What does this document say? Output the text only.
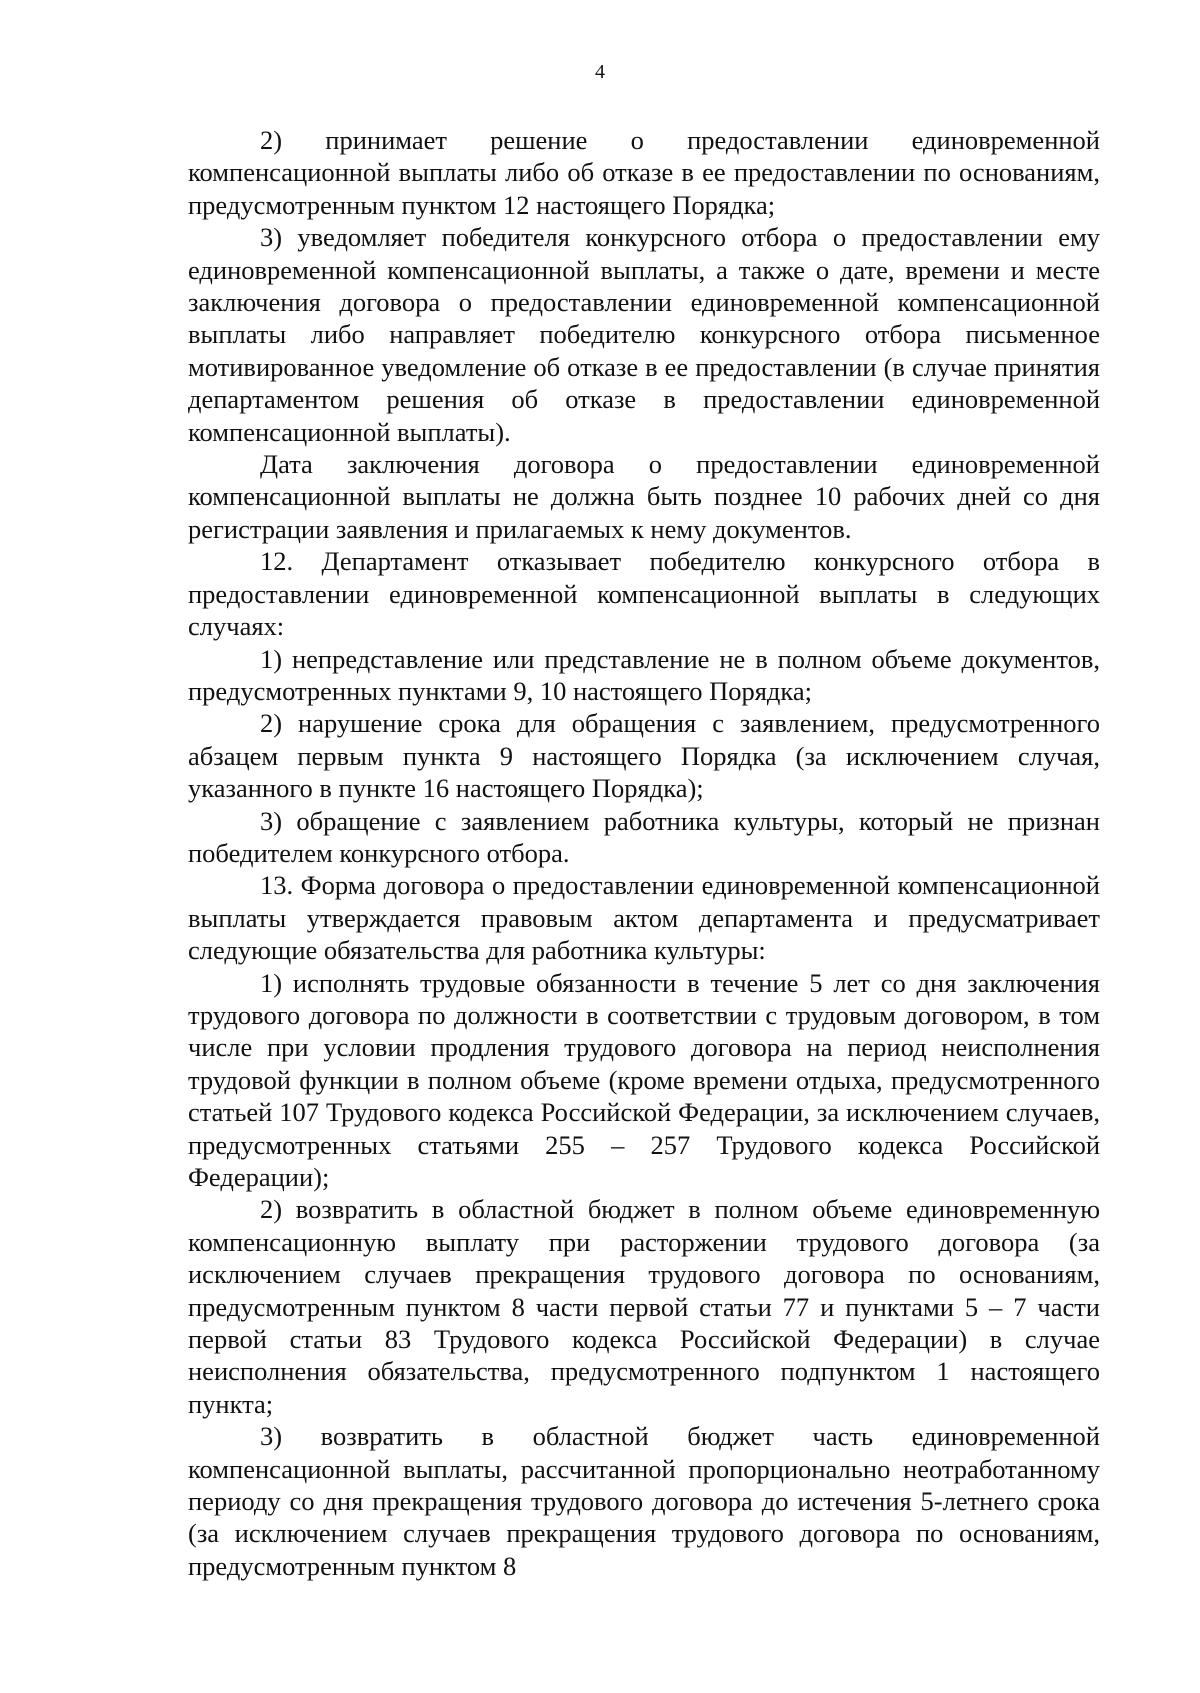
4

2) принимает решение о предоставлении единовременной компенсационной выплаты либо об отказе в ее предоставлении по основаниям, предусмотренным пунктом 12 настоящего Порядка;

3) уведомляет победителя конкурсного отбора о предоставлении ему единовременной компенсационной выплаты, а также о дате, времени и месте заключения договора о предоставлении единовременной компенсационной выплаты либо направляет победителю конкурсного отбора письменное мотивированное уведомление об отказе в ее предоставлении (в случае принятия департаментом решения об отказе в предоставлении единовременной компенсационной выплаты).

Дата заключения договора о предоставлении единовременной компенсационной выплаты не должна быть позднее 10 рабочих дней со дня регистрации заявления и прилагаемых к нему документов.

12. Департамент отказывает победителю конкурсного отбора в предоставлении единовременной компенсационной выплаты в следующих случаях:

1) непредставление или представление не в полном объеме документов, предусмотренных пунктами 9, 10 настоящего Порядка;

2) нарушение срока для обращения с заявлением, предусмотренного абзацем первым пункта 9 настоящего Порядка (за исключением случая, указанного в пункте 16 настоящего Порядка);

3) обращение с заявлением работника культуры, который не признан победителем конкурсного отбора.

13. Форма договора о предоставлении единовременной компенсационной выплаты утверждается правовым актом департамента и предусматривает следующие обязательства для работника культуры:

1) исполнять трудовые обязанности в течение 5 лет со дня заключения трудового договора по должности в соответствии с трудовым договором, в том числе при условии продления трудового договора на период неисполнения трудовой функции в полном объеме (кроме времени отдыха, предусмотренного статьей 107 Трудового кодекса Российской Федерации, за исключением случаев, предусмотренных статьями 255 – 257 Трудового кодекса Российской Федерации);

2) возвратить в областной бюджет в полном объеме единовременную компенсационную выплату при расторжении трудового договора (за исключением случаев прекращения трудового договора по основаниям, предусмотренным пунктом 8 части первой статьи 77 и пунктами 5 – 7 части первой статьи 83 Трудового кодекса Российской Федерации) в случае неисполнения обязательства, предусмотренного подпунктом 1 настоящего пункта;

3) возвратить в областной бюджет часть единовременной компенсационной выплаты, рассчитанной пропорционально неотработанному периоду со дня прекращения трудового договора до истечения 5-летнего срока (за исключением случаев прекращения трудового договора по основаниям, предусмотренным пунктом 8
